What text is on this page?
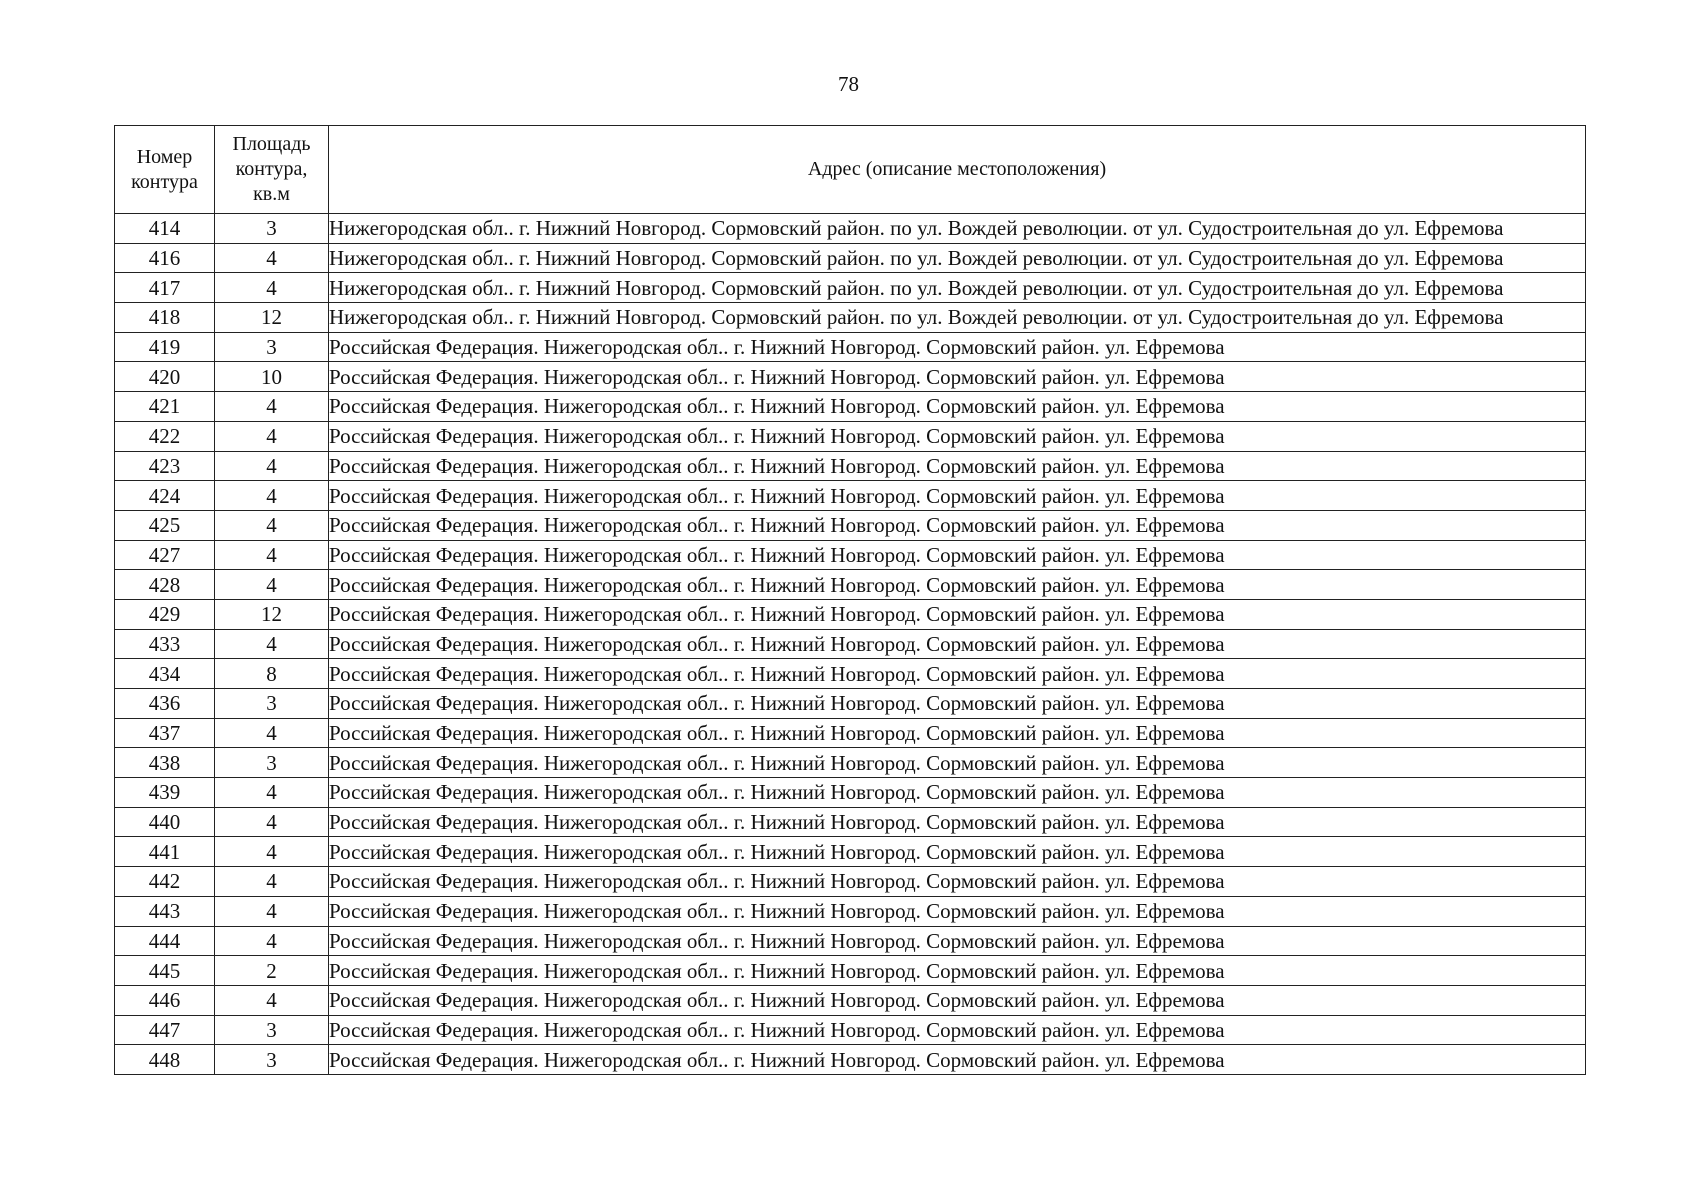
78
Номер контура	Площадь контура, кв.м	Адрес (описание местоположения)
414	3	Нижегородская обл.. г. Нижний Новгород. Сормовский район. по ул. Вождей революции. от ул. Судостроительная до ул. Ефремова
416	4	Нижегородская обл.. г. Нижний Новгород. Сормовский район. по ул. Вождей революции. от ул. Судостроительная до ул. Ефремова
417	4	Нижегородская обл.. г. Нижний Новгород. Сормовский район. по ул. Вождей революции. от ул. Судостроительная до ул. Ефремова
418	12	Нижегородская обл.. г. Нижний Новгород. Сормовский район. по ул. Вождей революции. от ул. Судостроительная до ул. Ефремова
419	3	Российская Федерация. Нижегородская обл.. г. Нижний Новгород. Сормовский район. ул. Ефремова
420	10	Российская Федерация. Нижегородская обл.. г. Нижний Новгород. Сормовский район. ул. Ефремова
421	4	Российская Федерация. Нижегородская обл.. г. Нижний Новгород. Сормовский район. ул. Ефремова
422	4	Российская Федерация. Нижегородская обл.. г. Нижний Новгород. Сормовский район. ул. Ефремова
423	4	Российская Федерация. Нижегородская обл.. г. Нижний Новгород. Сормовский район. ул. Ефремова
424	4	Российская Федерация. Нижегородская обл.. г. Нижний Новгород. Сормовский район. ул. Ефремова
425	4	Российская Федерация. Нижегородская обл.. г. Нижний Новгород. Сормовский район. ул. Ефремова
427	4	Российская Федерация. Нижегородская обл.. г. Нижний Новгород. Сормовский район. ул. Ефремова
428	4	Российская Федерация. Нижегородская обл.. г. Нижний Новгород. Сормовский район. ул. Ефремова
429	12	Российская Федерация. Нижегородская обл.. г. Нижний Новгород. Сормовский район. ул. Ефремова
433	4	Российская Федерация. Нижегородская обл.. г. Нижний Новгород. Сормовский район. ул. Ефремова
434	8	Российская Федерация. Нижегородская обл.. г. Нижний Новгород. Сормовский район. ул. Ефремова
436	3	Российская Федерация. Нижегородская обл.. г. Нижний Новгород. Сормовский район. ул. Ефремова
437	4	Российская Федерация. Нижегородская обл.. г. Нижний Новгород. Сормовский район. ул. Ефремова
438	3	Российская Федерация. Нижегородская обл.. г. Нижний Новгород. Сормовский район. ул. Ефремова
439	4	Российская Федерация. Нижегородская обл.. г. Нижний Новгород. Сормовский район. ул. Ефремова
440	4	Российская Федерация. Нижегородская обл.. г. Нижний Новгород. Сормовский район. ул. Ефремова
441	4	Российская Федерация. Нижегородская обл.. г. Нижний Новгород. Сормовский район. ул. Ефремова
442	4	Российская Федерация. Нижегородская обл.. г. Нижний Новгород. Сормовский район. ул. Ефремова
443	4	Российская Федерация. Нижегородская обл.. г. Нижний Новгород. Сормовский район. ул. Ефремова
444	4	Российская Федерация. Нижегородская обл.. г. Нижний Новгород. Сормовский район. ул. Ефремова
445	2	Российская Федерация. Нижегородская обл.. г. Нижний Новгород. Сормовский район. ул. Ефремова
446	4	Российская Федерация. Нижегородская обл.. г. Нижний Новгород. Сормовский район. ул. Ефремова
447	3	Российская Федерация. Нижегородская обл.. г. Нижний Новгород. Сормовский район. ул. Ефремова
448	3	Российская Федерация. Нижегородская обл.. г. Нижний Новгород. Сормовский район. ул. Ефремова
